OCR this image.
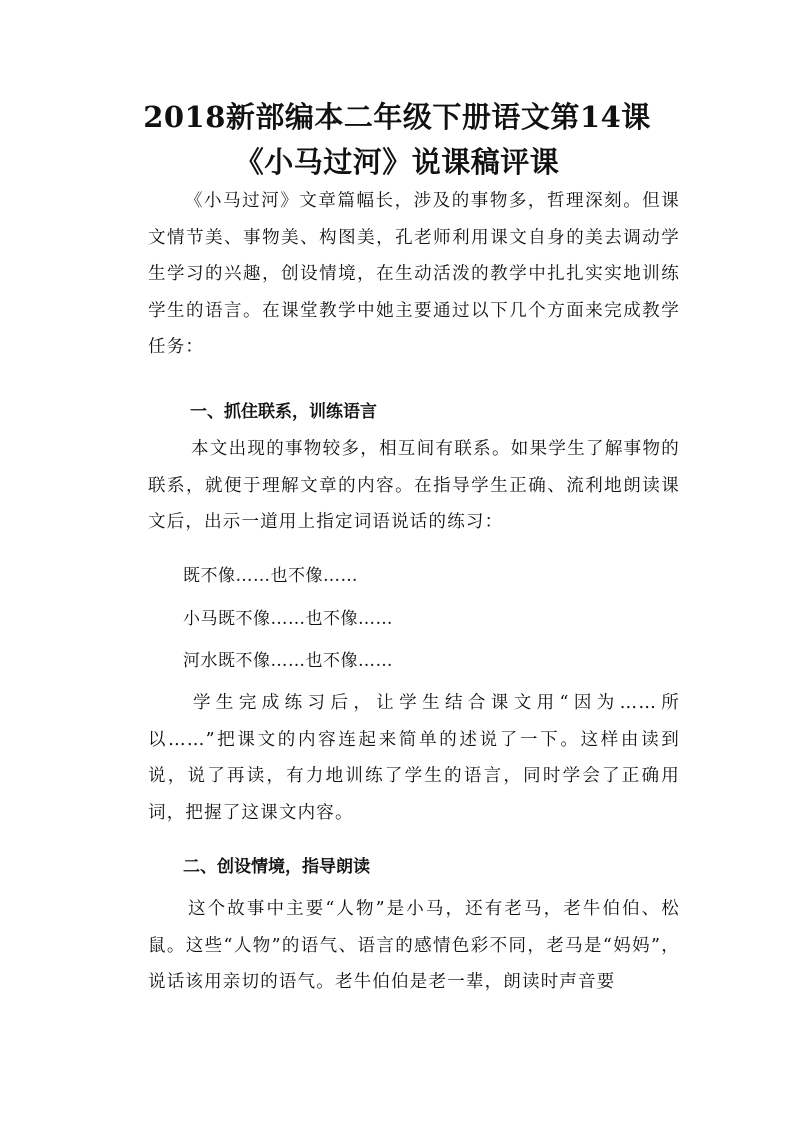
2018新部编本二年级下册语文第14课
《小马过河》说课稿评课

《小马过河》文章篇幅长，涉及的事物多，哲理深刻。但课文情节美、事物美、构图美，孔老师利用课文自身的美去调动学生学习的兴趣，创设情境，在生动活泼的教学中扎扎实实地训练学生的语言。在课堂教学中她主要通过以下几个方面来完成教学任务：

一、抓住联系，训练语言

本文出现的事物较多，相互间有联系。如果学生了解事物的联系，就便于理解文章的内容。在指导学生正确、流利地朗读课文后，出示一道用上指定词语说话的练习：

既不像……也不像……

小马既不像……也不像……

河水既不像……也不像……

学生完成练习后，让学生结合课文用“因为……所以……”把课文的内容连起来简单的述说了一下。这样由读到说，说了再读，有力地训练了学生的语言，同时学会了正确用词，把握了这课文内容。

二、创设情境，指导朗读

这个故事中主要“人物”是小马，还有老马，老牛伯伯、松鼠。这些“人物”的语气、语言的感情色彩不同，老马是“妈妈”，说话该用亲切的语气。老牛伯伯是老一辈，朗读时声音要
